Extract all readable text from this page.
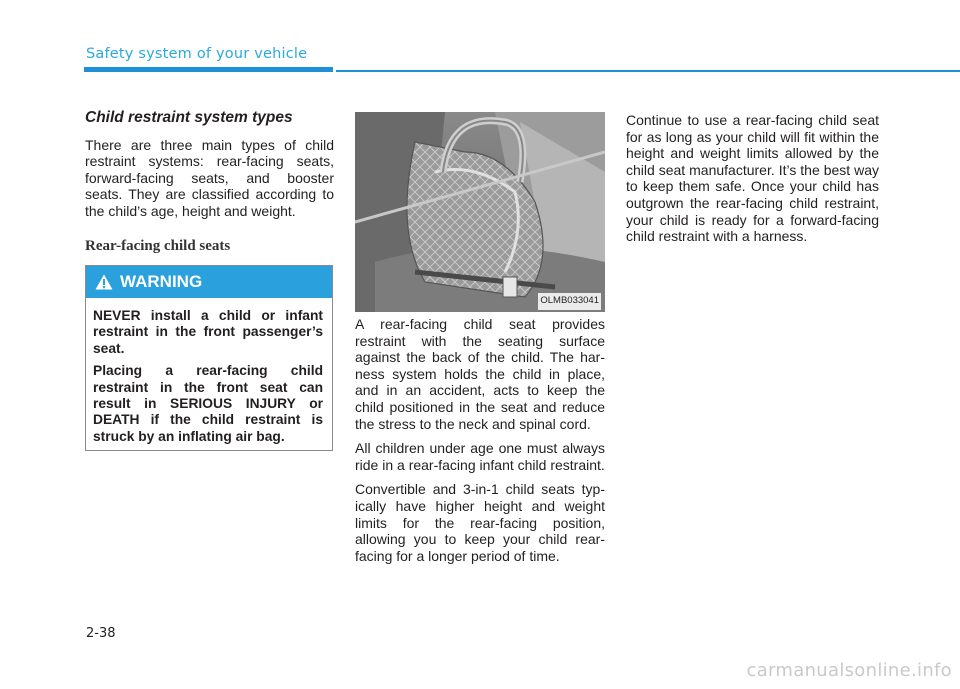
Safety system of your vehicle
Child restraint system types

There are three main types of child restraint systems: rear-facing seats, forward-facing seats, and booster seats. They are classified according to the child’s age, height and weight.

Rear-facing child seats
WARNING

NEVER install a child or infant restraint in the front passenger’s seat.

Placing a rear-facing child restraint in the front seat can result in SERIOUS INJURY or DEATH if the child restraint is struck by an inflating air bag.

OLMB033041

A rear-facing child seat provides restraint with the seating surface against the back of the child. The harness system holds the child in place, and in an accident, acts to keep the child positioned in the seat and reduce the stress to the neck and spinal cord.

All children under age one must always ride in a rear-facing infant child restraint.

Convertible and 3-in-1 child seats typically have higher height and weight limits for the rear-facing position, allowing you to keep your child rear-facing for a longer period of time.

Continue to use a rear-facing child seat for as long as your child will fit within the height and weight limits allowed by the child seat manufacturer. It’s the best way to keep them safe. Once your child has outgrown the rear-facing child restraint, your child is ready for a forward-facing child restraint with a harness.

2-38
carmanualsonline.info
